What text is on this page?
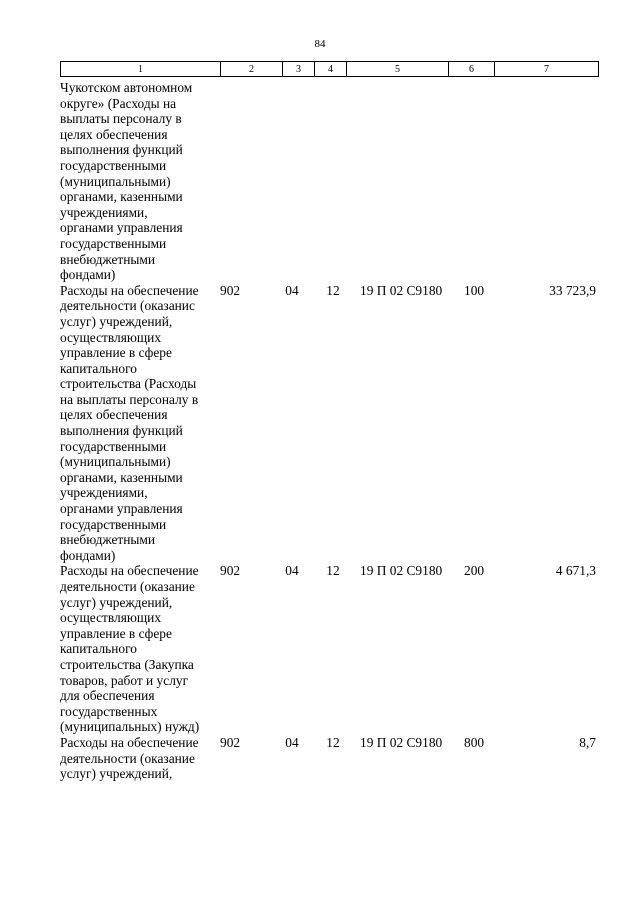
84
1	2	3	4	5	6	7
Чукотском автономном
округе» (Расходы на
выплаты персоналу в
целях обеспечения
выполнения функций
государственными
(муниципальными)
органами, казенными
учреждениями,
органами управления
государственными
внебюджетными
фондами)
Расходы на обеспечение
деятельности (оказанис
услуг) учреждений,
осуществляющих
управление в сфере
капитального
строительства (Расходы
на выплаты персоналу в
целях обеспечения
выполнения функций
государственными
(муниципальными)
органами, казенными
учреждениями,
органами управления
государственными
внебюджетными
фондами)
902	04	12	19 П 02 С9180	100	33 723,9
Расходы на обеспечение
деятельности (оказание
услуг) учреждений,
осуществляющих
управление в сфере
капитального
строительства (Закупка
товаров, работ и услуг
для обеспечения
государственных
(муниципальных) нужд)
902	04	12	19 П 02 С9180	200	4 671,3
Расходы на обеспечение
деятельности (оказание
услуг) учреждений,
902	04	12	19 П 02 С9180	800	8,7
